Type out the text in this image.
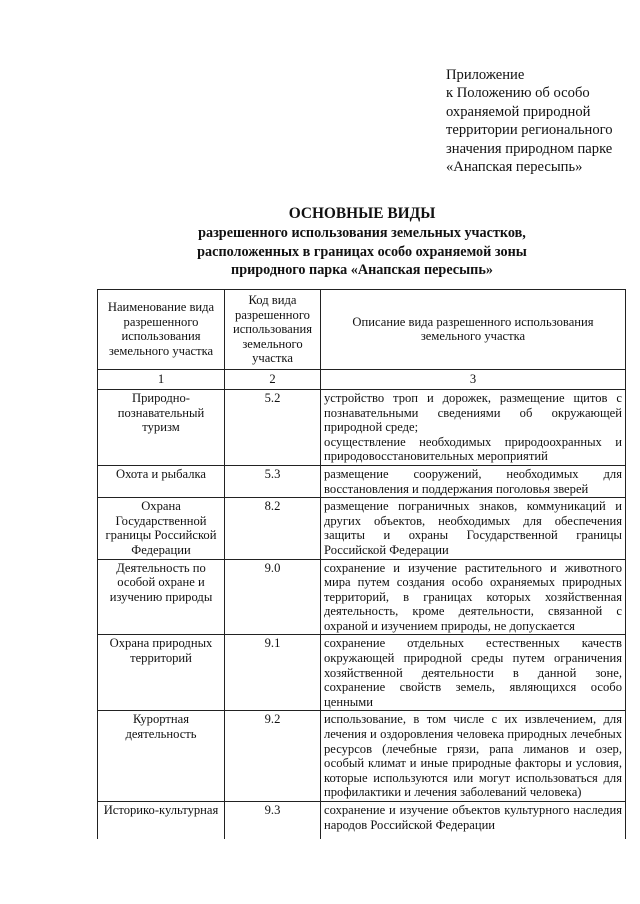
Приложение
к Положению об особо
охраняемой природной
территории регионального
значения природном парке
«Анапская пересыпь»
ОСНОВНЫЕ ВИДЫ
разрешенного использования земельных участков,
расположенных в границах особо охраняемой зоны
природного парка «Анапская пересыпь»
Наименование вида разрешенного использования земельного участка	Код вида разрешенного использования земельного участка	Описание вида разрешенного использования земельного участка
1	2	3
Природно-познавательный туризм	5.2	устройство троп и дорожек, размещение щитов с познавательными сведениями об окружающей природной среде;
осуществление необходимых природоохранных и природовосстановительных мероприятий
Охота и рыбалка	5.3	размещение сооружений, необходимых для восстановления и поддержания поголовья зверей
Охрана Государственной границы Российской Федерации	8.2	размещение пограничных знаков, коммуникаций и других объектов, необходимых для обеспечения защиты и охраны Государственной границы Российской Федерации
Деятельность по особой охране и изучению природы	9.0	сохранение и изучение растительного и животного мира путем создания особо охраняемых природных территорий, в границах которых хозяйственная деятельность, кроме деятельности, связанной с охраной и изучением природы, не допускается
Охрана природных территорий	9.1	сохранение отдельных естественных качеств окружающей природной среды путем ограничения хозяйственной деятельности в данной зоне, сохранение свойств земель, являющихся особо ценными
Курортная деятельность	9.2	использование, в том числе с их извлечением, для лечения и оздоровления человека природных лечебных ресурсов (лечебные грязи, рапа лиманов и озер, особый климат и иные природные факторы и условия, которые используются или могут использоваться для профилактики и лечения заболеваний человека)

Историко-культурная	9.3	сохранение и изучение объектов культурного наследия народов Российской Федерации
